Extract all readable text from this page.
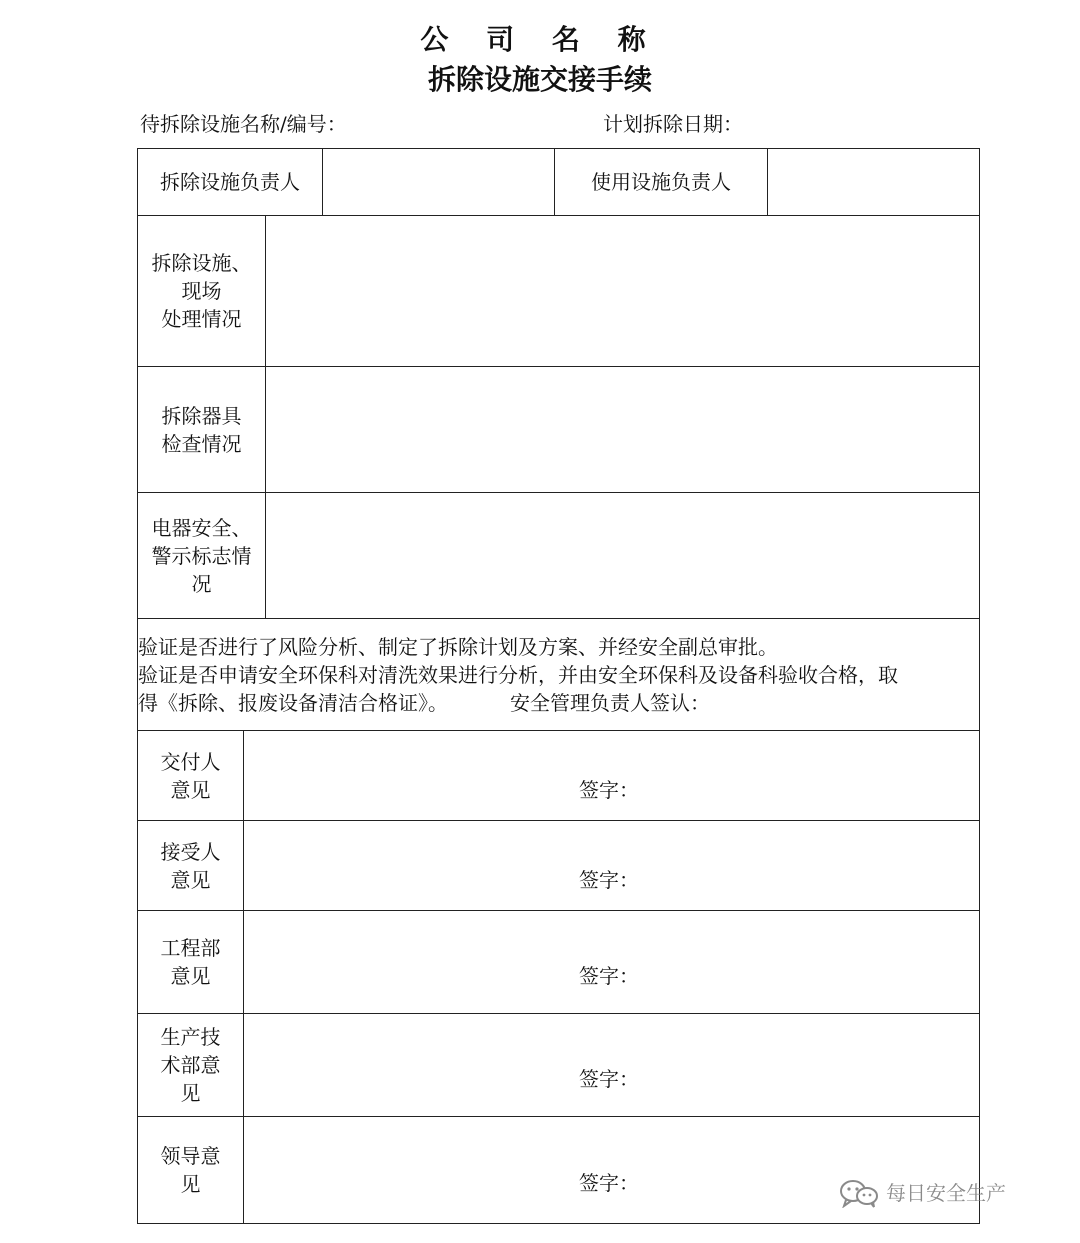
公 司 名 称
拆除设施交接手续
待拆除设施名称/编号：	计划拆除日期：
拆除设施负责人				使用设施负责人	

拆除设施、
现场
处理情况					

拆除器具
检查情况					

电器安全、
警示标志情
况					

验证是否进行了风险分析、制定了拆除计划及方案、并经安全副总审批。
验证是否申请安全环保科对清洗效果进行分析，并由安全环保科及设备科验收合格，取
得《拆除、报废设备清洁合格证》。 安全管理负责人签认：					

交付人
意见	签字：				

接受人
意见	签字：				

工程部
意见	签字：				

生产技
术部意
见	签字：				

领导意
见	签字：					每日安全生产
